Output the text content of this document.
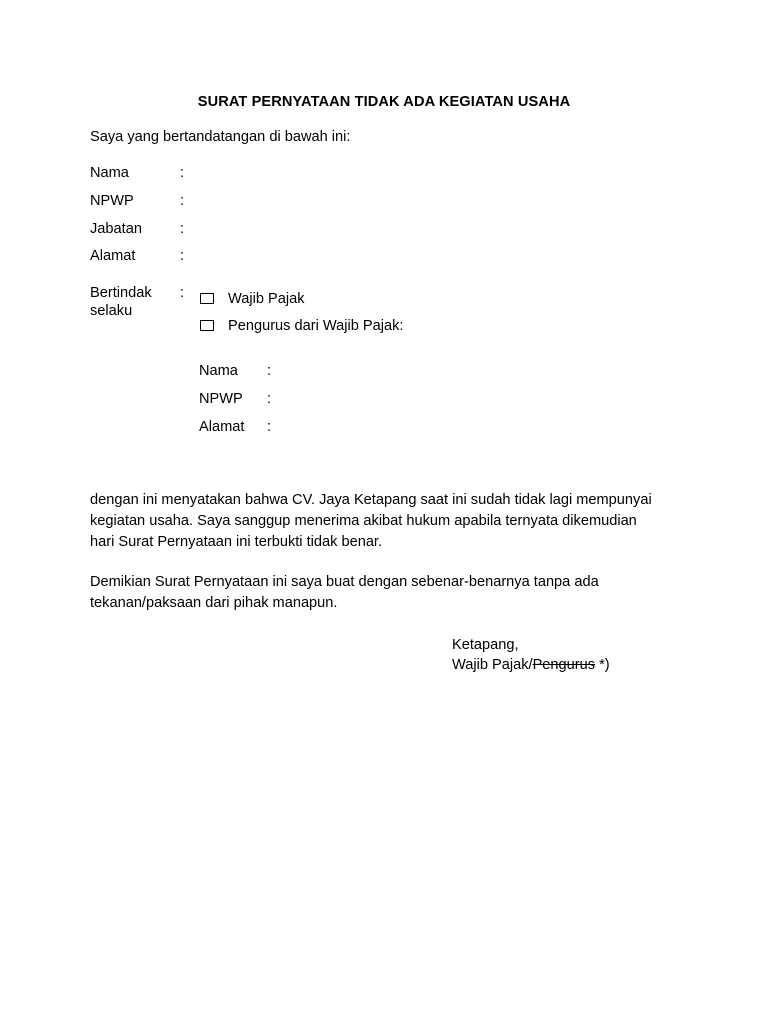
SURAT PERNYATAAN TIDAK ADA KEGIATAN USAHA
Saya yang bertandatangan di bawah ini:
Nama	:
NPWP	:
Jabatan	:
Alamat	:
Bertindak
selaku
:	Wajib Pajak
Pengurus dari Wajib Pajak:
Nama :
NPWP :
Alamat :
dengan ini menyatakan bahwa CV. Jaya Ketapang saat ini sudah tidak lagi mempunyai
kegiatan usaha. Saya sanggup menerima akibat hukum apabila ternyata dikemudian
hari Surat Pernyataan ini terbukti tidak benar.
Demikian Surat Pernyataan ini saya buat dengan sebenar-benarnya tanpa ada
tekanan/paksaan dari pihak manapun.
Ketapang,
Wajib Pajak/Pengurus *)
